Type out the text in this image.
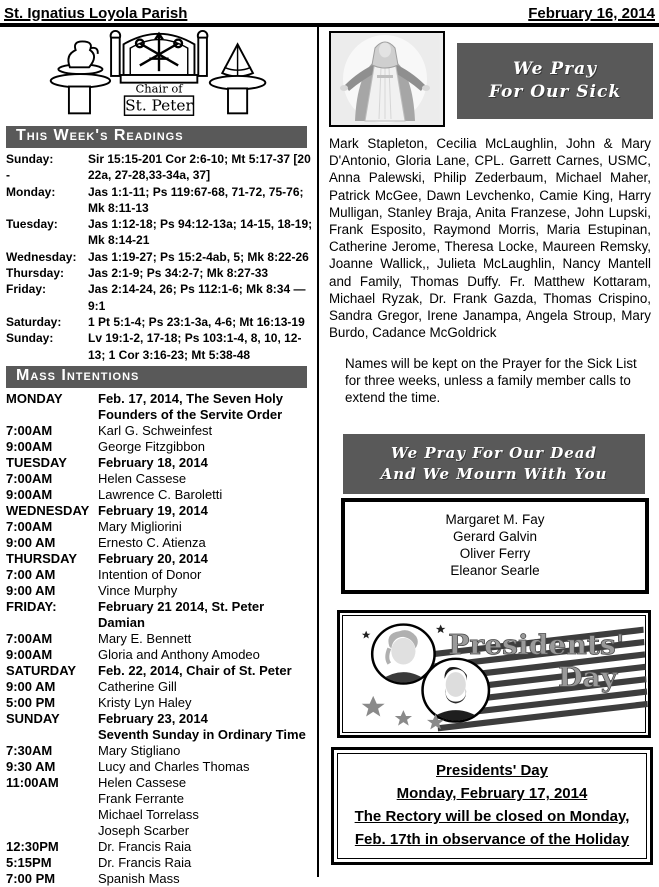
St. Ignatius Loyola Parish	February 16, 2014
Chair of
St. Peter
This Week's Readings
Sunday:	Sir 15:15-201 Cor 2:6-10; Mt 5:17-37 [20
-	22a, 27-28,33-34a, 37]
Monday:	Jas 1:1-11; Ps 119:67-68, 71-72, 75-76;
Mk 8:11-13
Tuesday:	Jas 1:12-18; Ps 94:12-13a; 14-15, 18-19;
Mk 8:14-21
Wednesday: Jas 1:19-27; Ps 15:2-4ab, 5; Mk 8:22-26
Thursday:	Jas 2:1-9; Ps 34:2-7; Mk 8:27-33
Friday:	Jas 2:14-24, 26; Ps 112:1-6; Mk 8:34 —
9:1
Saturday:	1 Pt 5:1-4; Ps 23:1-3a, 4-6; Mt 16:13-19
Sunday:	Lv 19:1-2, 17-18; Ps 103:1-4, 8, 10, 12-
13; 1 Cor 3:16-23; Mt 5:38-48
Mass Intentions
MONDAY	Feb. 17, 2014, The Seven Holy
Founders of the Servite Order
7:00AM	Karl G. Schweinfest
9:00AM	George Fitzgibbon
TUESDAY	February 18, 2014
7:00AM	Helen Cassese
9:00AM	Lawrence C. Baroletti
WEDNESDAY February 19, 2014
7:00AM	Mary Migliorini
9:00 AM	Ernesto C. Atienza
THURSDAY	February 20, 2014
7:00 AM	Intention of Donor
9:00 AM	Vince Murphy
FRIDAY:	February 21 2014, St. Peter Damian
7:00AM	Mary E. Bennett
9:00AM	Gloria and Anthony Amodeo
SATURDAY	Feb. 22, 2014, Chair of St. Peter
9:00 AM	Catherine Gill
5:00 PM	Kristy Lyn Haley
SUNDAY	February 23, 2014
Seventh Sunday in Ordinary Time
7:30AM	Mary Stigliano
9:30 AM	Lucy and Charles Thomas
11:00AM	Helen Cassese
Frank Ferrante
Michael Torrelass
Joseph Scarber
12:30PM	Dr. Francis Raia
5:15PM	Dr. Francis Raia
7:00 PM	Spanish Mass
We Pray
For Our Sick
Mark Stapleton, Cecilia McLaughlin, John & Mary D'Antonio, Gloria Lane, CPL. Garrett Carnes, USMC, Anna Palewski, Philip Zederbaum, Michael Maher, Patrick McGee, Dawn Levchenko, Camie King, Harry Mulligan, Stanley Braja, Anita Franzese, John Lupski, Frank Esposito, Raymond Morris, Maria Estupinan, Catherine Jerome, Theresa Locke, Maureen Remsky, Joanne Wallick,, Julieta McLaughlin, Nancy Mantell and Family, Thomas Duffy. Fr. Matthew Kottaram, Michael Ryzak, Dr. Frank Gazda, Thomas Crispino, Sandra Gregor, Irene Janampa, Angela Stroup, Mary Burdo, Cadance McGoldrick
Names will be kept on the Prayer for the Sick List for three weeks, unless a family member calls to extend the time.
We Pray For Our Dead
And We Mourn With You
Margaret M. Fay
Gerard Galvin
Oliver Ferry
Eleanor Searle
Presidents'
Day
Presidents' Day
Monday, February 17, 2014
The Rectory will be closed on Monday,
Feb. 17th in observance of the Holiday
